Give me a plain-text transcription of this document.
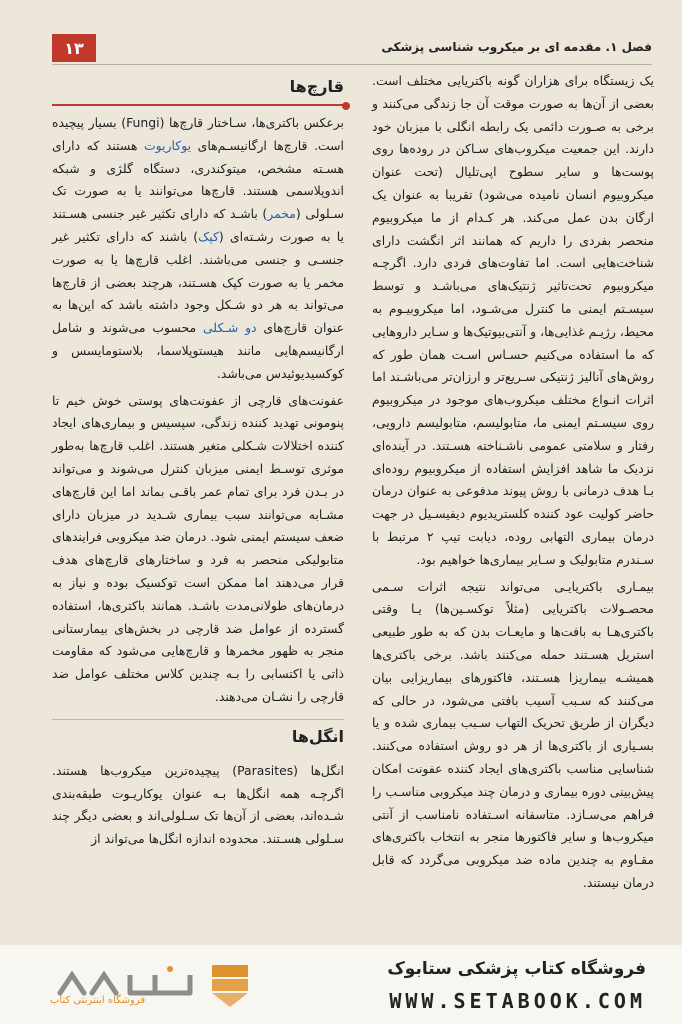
۱۳	فصل ۱. مقدمه ای بر میکروب شناسی پزشکی

یک زیستگاه برای هزاران گونه باکتریایی مختلف است. بعضی از آن‌ها به صورت موقت آن جا زندگی می‌کنند و برخی به صـورت دائمی یک رابطه انگلی با میزبان خود دارند. این جمعیت میکروب‌های سـاکن در روده‌ها روی پوست‌ها و سایر سطوح اپی‌تلیال (تحت عنوان میکروبیوم انسان نامیده می‌شود) تقریبا به عنوان یک ارگان بدن عمل می‌کند. هر کـدام از ما میکروبیوم منحصر بفردی را داریم که همانند اثر انگشت دارای شناخت‌هایی است. اما تفاوت‌های فردی دارد. اگرچـه میکروبیوم تحت‌تاثیر ژنتیک‌های می‌باشـد و توسط سیسـتم ایمنی ما کنترل می‌شـود، اما میکروبیـوم به محیط، رژیـم غذایی‌ها، و آنتی‌بیوتیک‌ها و سـایر داروهایی که ما استفاده می‌کنیم حسـاس اسـت همان طور که روش‌های آنالیز ژنتیکی سـریع‌تر و ارزان‌تر می‌باشـند اما اثرات انـواع مختلف میکروب‌های موجود در میکروبیوم روی سیسـتم ایمنی ما، متابولیسم، متابولیسم دارویی، رفتار و سلامتی عمومی ناشـناخته هسـتند. در آینده‌ای نزدیک ما شاهد افزایش استفاده از میکروبیوم روده‌ای بـا هدف درمانی با روش پیوند مدفوعی به عنوان درمان حاضر کولیت عود کننده کلستریدیوم دیفیسـیل در جهت درمان بیماری التهابی روده، دیابت تیپ ۲ مرتبط با سـندرم متابولیک و سـایر بیماری‌ها خواهیم بود.

بیمـاری باکتریایـی می‌تواند نتیجه اثرات سـمی محصـولات باکتریایی (مثلاً توکسـین‌ها) یـا وقتی باکتری‌هـا به بافت‌ها و مایعـات بدن که به طور طبیعی استریل هسـتند حمله می‌کنند باشد. برخی باکتری‌ها همیشـه بیماریزا هسـتند، فاکتورهای بیماریزایی بیان می‌کنند که سـبب آسیب بافتی می‌شود، در حالی که دیگران از طریق تحریک التهاب سـبب بیماری شده و یا بسـیاری از باکتری‌ها از هر دو روش استفاده می‌کنند. شناسایی مناسب باکتری‌های ایجاد کننده عفونت امکان پیش‌بینی دوره بیماری و درمان چند میکروبی مناسـب را فراهم می‌سـازد. متاسفانه اسـتفاده نامناسب از آنتی میکروب‌ها و سایر فاکتورها منجر به انتخاب باکتری‌های مقـاوم به چندین ماده ضد میکروبی می‌گردد که قابل درمان نیستند.

قارچ‌ها

برعکس باکتری‌ها، سـاختار قارچ‌ها (Fungi) بسیار پیچیده است. قارچ‌ها ارگانیسـم‌های یوکاریوت هستند که دارای هسـته مشخص، میتوکندری، دستگاه گلژی و شبکه اندوپلاسمی هستند. قارچ‌ها می‌توانند یا به صورت تک سـلولی (مخمر) باشـد که دارای تکثیر غیر جنسی هسـتند یا به صورت رشـته‌ای (کپک) باشند که دارای تکثیر غیر جنسـی و جنسی می‌باشند. اغلب قارچ‌ها یا به صورت مخمر یا به صورت کپک هسـتند، هرچند بعضی از قارچ‌ها می‌تواند به هر دو شـکل وجود داشته باشد که این‌ها به عنوان قارچ‌های دو شـکلی محسوب می‌شوند و شامل ارگانیسم‌هایی مانند هیستوپلاسما، بلاستومایسس و کوکسیدیوئیدس می‌باشد.

عفونت‌های قارچی از عفونت‌های پوستی خوش خیم تا پنومونی تهدید کننده زندگی، سپسیس و بیماری‌های ایجاد کننده اختلالات شـکلی متغیر هستند. اغلب قارچ‌ها به‌طور موثری توسـط ایمنی میزبان کنترل می‌شوند و می‌تواند در بـدن فرد برای تمام عمر باقـی بماند اما این قارچ‌های مشـابه می‌توانند سبب بیماری شـدید در میزبان دارای ضعف سیستم ایمنی شود. درمان ضد میکروبی فرایندهای متابولیکی منحصر به فرد و ساختارهای قارچ‌های هدف قرار می‌دهند اما ممکن است توکسیک بوده و نیاز به درمان‌های طولانی‌مدت باشـد. همانند باکتری‌ها، استفاده گسترده از عوامل ضد قارچی در بخش‌های بیمارستانی منجر به ظهور مخمرها و قارچ‌هایی می‌شود که مقاومت ذاتی یا اکتسابی را بـه چندین کلاس مختلف عوامل ضد قارچی را نشـان می‌دهند.

انگل‌ها

انگل‌ها (Parasites) پیچیده‌ترین میکروب‌ها هستند. اگرچـه همه انگل‌ها بـه عنوان یوکاریـوت طبقه‌بندی شـده‌اند، بعضی از آن‌ها تک سـلولی‌اند و بعضی دیگر چند سـلولی هسـتند. محدوده اندازه انگل‌ها می‌تواند از

فروشگاه کتاب پزشکی ستابوک
WWW.SETABOOK.COM
فروشگاه اینترنتی کتاب
